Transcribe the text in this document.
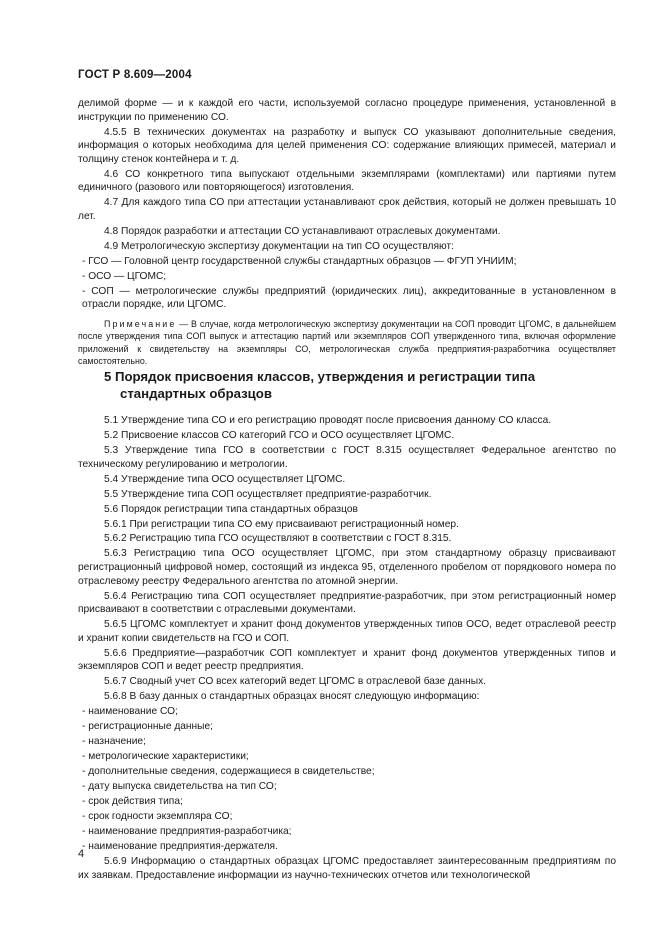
ГОСТ Р 8.609—2004

делимой форме — и к каждой его части, используемой согласно процедуре применения, установленной в инструкции по применению СО.

4.5.5 В технических документах на разработку и выпуск СО указывают дополнительные сведения, информация о которых необходима для целей применения СО: содержание влияющих примесей, материал и толщину стенок контейнера и т. д.

4.6 СО конкретного типа выпускают отдельными экземплярами (комплектами) или партиями путем единичного (разового или повторяющегося) изготовления.

4.7 Для каждого типа СО при аттестации устанавливают срок действия, который не должен превышать 10 лет.

4.8 Порядок разработки и аттестации СО устанавливают отраслевых документами.

4.9 Метрологическую экспертизу документации на тип СО осуществляют:

- ГСО — Головной центр государственной службы стандартных образцов — ФГУП УНИИМ;

- ОСО — ЦГОМС;

- СОП — метрологические службы предприятий (юридических лиц), аккредитованные в установленном в отрасли порядке, или ЦГОМС.

Примечание — В случае, когда метрологическую экспертизу документации на СОП проводит ЦГОМС, в дальнейшем после утверждения типа СОП выпуск и аттестацию партий или экземпляров СОП утвержденного типа, включая оформление приложений к свидетельству на экземпляры СО, метрологическая служба предприятия-разработчика осуществляет самостоятельно.

5 Порядок присвоения классов, утверждения и регистрации типа
стандартных образцов

5.1 Утверждение типа СО и его регистрацию проводят после присвоения данному СО класса.

5.2 Присвоение классов СО категорий ГСО и ОСО осуществляет ЦГОМС.

5.3 Утверждение типа ГСО в соответствии с ГОСТ 8.315 осуществляет Федеральное агентство по техническому регулированию и метрологии.

5.4 Утверждение типа ОСО осуществляет ЦГОМС.

5.5 Утверждение типа СОП осуществляет предприятие-разработчик.

5.6 Порядок регистрации типа стандартных образцов

5.6.1 При регистрации типа СО ему присваивают регистрационный номер.

5.6.2 Регистрацию типа ГСО осуществляют в соответствии с ГОСТ 8.315.

5.6.3 Регистрацию типа ОСО осуществляет ЦГОМС, при этом стандартному образцу присваивают регистрационный цифровой номер, состоящий из индекса 95, отделенного пробелом от порядкового номера по отраслевому реестру Федерального агентства по атомной энергии.

5.6.4 Регистрацию типа СОП осуществляет предприятие-разработчик, при этом регистрационный номер присваивают в соответствии с отраслевыми документами.

5.6.5 ЦГОМС комплектует и хранит фонд документов утвержденных типов ОСО, ведет отраслевой реестр и хранит копии свидетельств на ГСО и СОП.

5.6.6 Предприятие—разработчик СОП комплектует и хранит фонд документов утвержденных типов и экземпляров СОП и ведет реестр предприятия.

5.6.7 Сводный учет СО всех категорий ведет ЦГОМС в отраслевой базе данных.

5.6.8 В базу данных о стандартных образцах вносят следующую информацию:

- наименование СО;

- регистрационные данные;

- назначение;

- метрологические характеристики;

- дополнительные сведения, содержащиеся в свидетельстве;

- дату выпуска свидетельства на тип СО;

- срок действия типа;

- срок годности экземпляра СО;

- наименование предприятия-разработчика;

- наименование предприятия-держателя.

5.6.9 Информацию о стандартных образцах ЦГОМС предоставляет заинтересованным предприятиям по их заявкам. Предоставление информации из научно-технических отчетов или технологической

4
